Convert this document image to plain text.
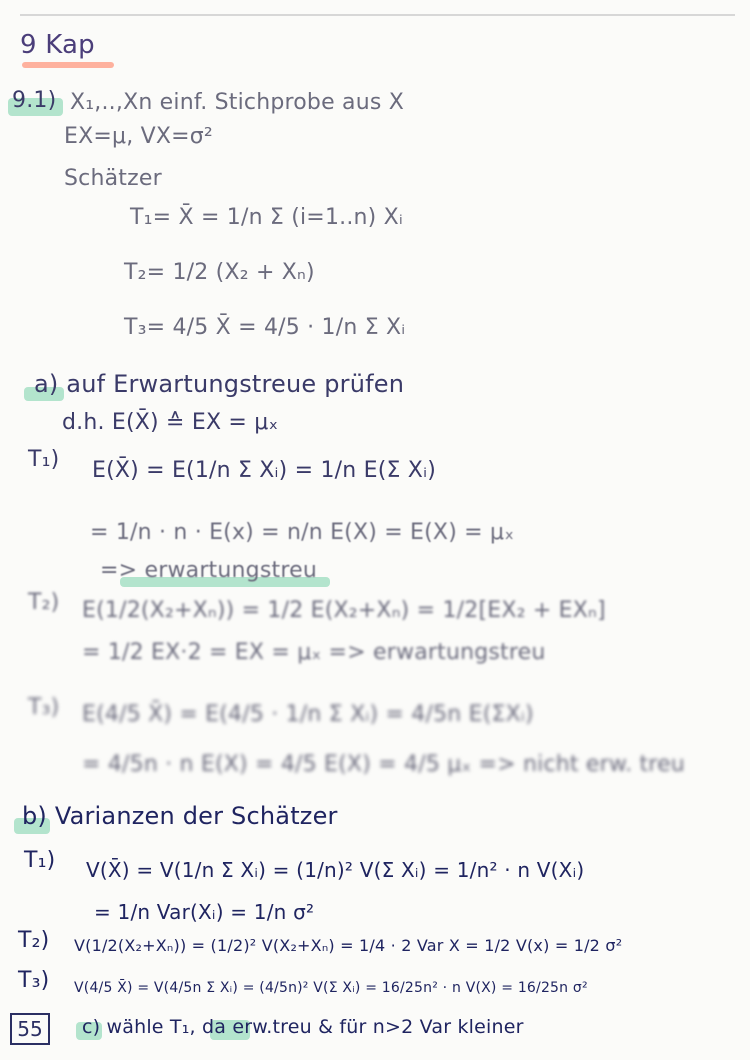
9 Kap
9.1) X₁,..,Xn einf. Stichprobe aus X
EX=μ, VX=σ²
Schätzer
T₁= X̄ = 1/n Σ (i=1..n) Xᵢ
T₂= 1/2 (X₂ + Xₙ)
T₃= 4/5 X̄ = 4/5 · 1/n Σ Xᵢ
a) auf Erwartungstreue prüfen
d.h. E(X̄) ≙ EX = μₓ
T₁) E(X̄) = E(1/n Σ Xᵢ) = 1/n E(Σ Xᵢ)
= 1/n · n · E(x) = n/n E(X) = E(X) = μₓ
=> erwartungstreu
T₂) E(1/2(X₂+Xₙ)) = 1/2 E(X₂+Xₙ) = 1/2[EX₂ + EXₙ]
= 1/2 EX·2 = EX = μₓ => erwartungstreu
T₃) E(4/5 X̄) = E(4/5 · 1/n Σ Xᵢ) = 4/5n E(ΣXᵢ)
= 4/5n · n E(X) = 4/5 E(X) = 4/5 μₓ => nicht erw. treu
b) Varianzen der Schätzer
T₁) V(X̄) = V(1/n Σ Xᵢ) = (1/n)² V(Σ Xᵢ) = 1/n² · n V(Xᵢ)
= 1/n Var(Xᵢ) = 1/n σ²
T₂) V(1/2(X₂+Xₙ)) = (1/2)² V(X₂+Xₙ) = 1/4 · 2 Var X = 1/2 V(x) = 1/2 σ²
T₃) V(4/5 X̄) = V(4/5n Σ Xᵢ) = (4/5n)² V(Σ Xᵢ) = 16/25n² · n V(X) = 16/25n σ²
55	c) wähle T₁, da erw.treu & für n>2 Var kleiner
